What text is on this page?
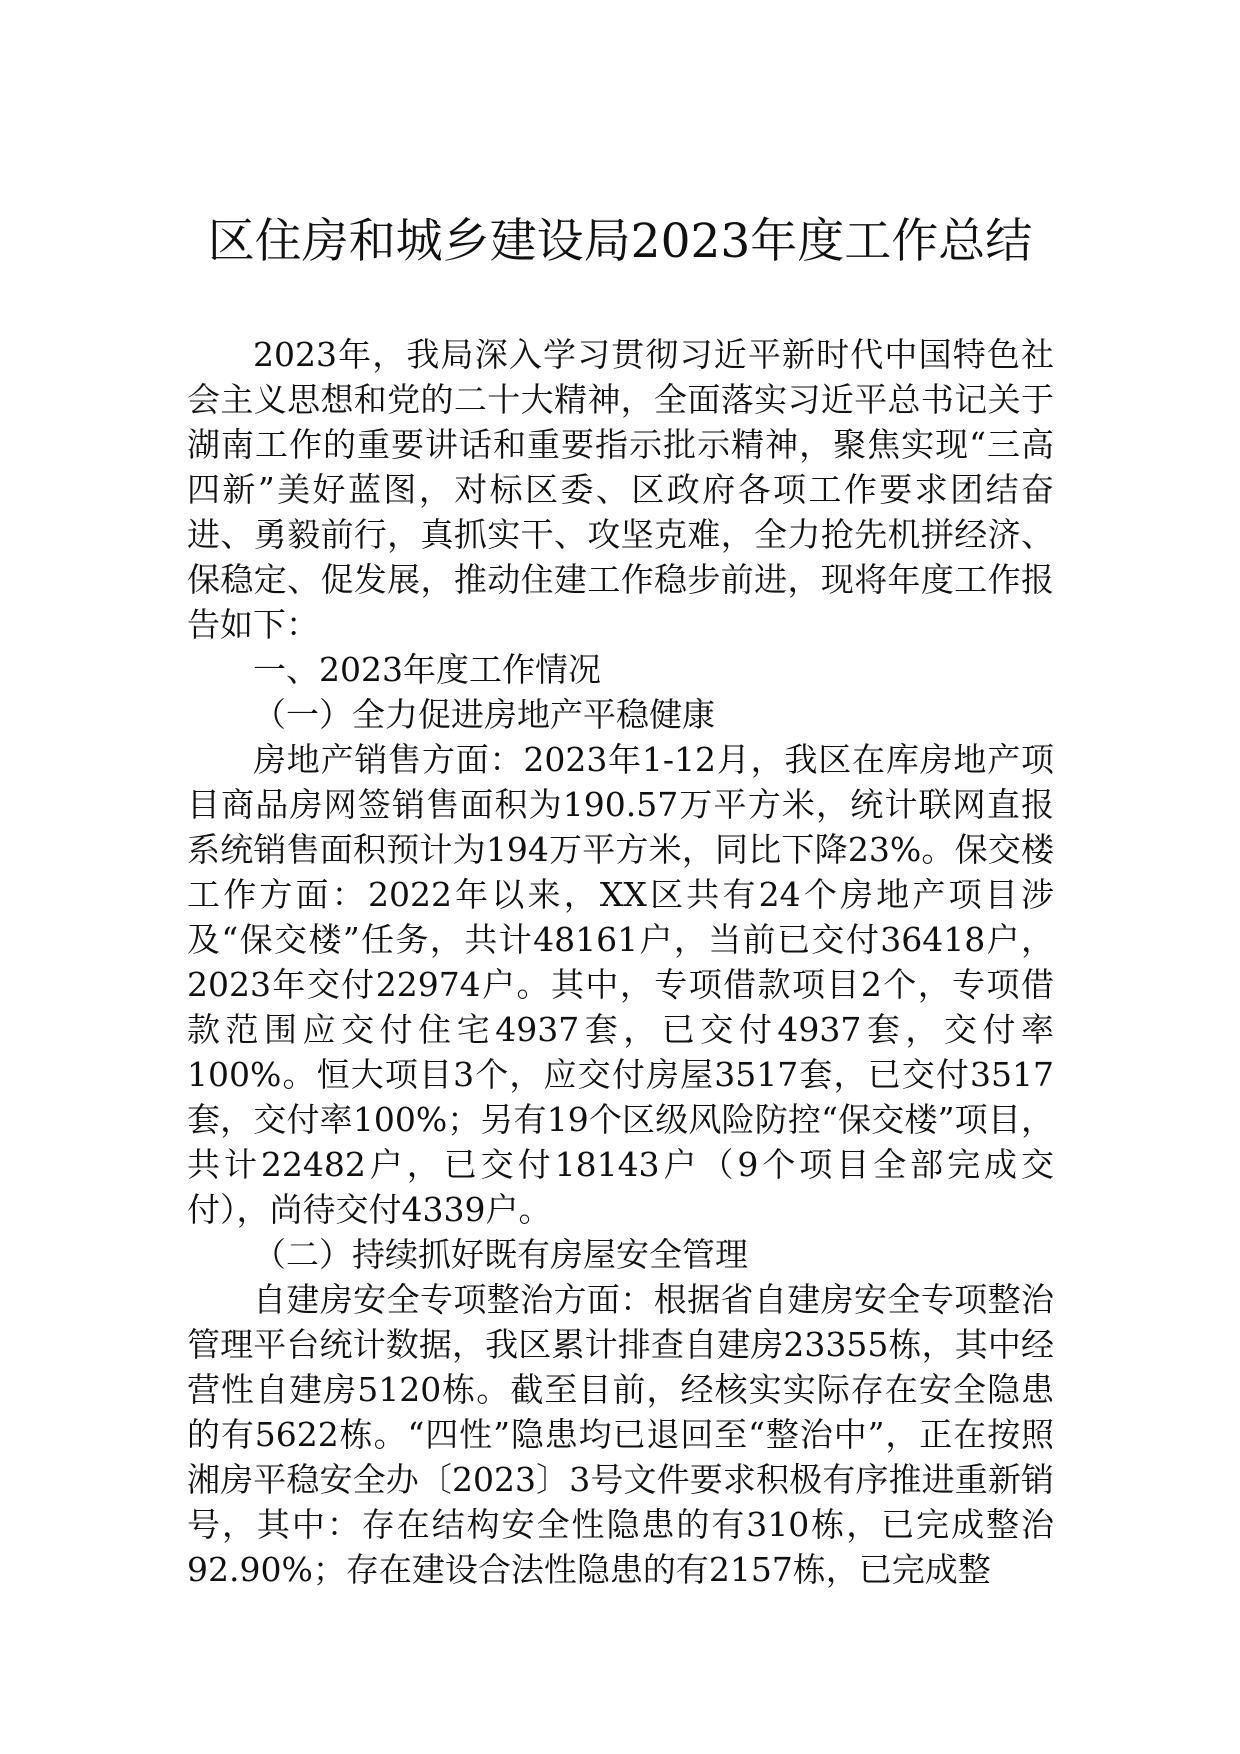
区住房和城乡建设局2023年度工作总结

2023年，我局深入学习贯彻习近平新时代中国特色社会主义思想和党的二十大精神，全面落实习近平总书记关于湖南工作的重要讲话和重要指示批示精神，聚焦实现“三高四新”美好蓝图，对标区委、区政府各项工作要求团结奋进、勇毅前行，真抓实干、攻坚克难，全力抢先机拼经济、保稳定、促发展，推动住建工作稳步前进，现将年度工作报告如下：

一、2023年度工作情况

（一）全力促进房地产平稳健康

房地产销售方面：2023年1-12月，我区在库房地产项目商品房网签销售面积为190.57万平方米，统计联网直报系统销售面积预计为194万平方米，同比下降23%。保交楼工作方面：2022年以来，XX区共有24个房地产项目涉及“保交楼”任务，共计48161户，当前已交付36418户，2023年交付22974户。其中，专项借款项目2个，专项借款范围应交付住宅4937套，已交付4937套，交付率100%。恒大项目3个，应交付房屋3517套，已交付3517套，交付率100%；另有19个区级风险防控“保交楼”项目，共计22482户，已交付18143户（9个项目全部完成交付），尚待交付4339户。

（二）持续抓好既有房屋安全管理

自建房安全专项整治方面：根据省自建房安全专项整治管理平台统计数据，我区累计排查自建房23355栋，其中经营性自建房5120栋。截至目前，经核实实际存在安全隐患的有5622栋。“四性”隐患均已退回至“整治中”，正在按照湘房平稳安全办〔2023〕3号文件要求积极有序推进重新销号，其中：存在结构安全性隐患的有310栋，已完成整治92.90%；存在建设合法性隐患的有2157栋，已完成整
